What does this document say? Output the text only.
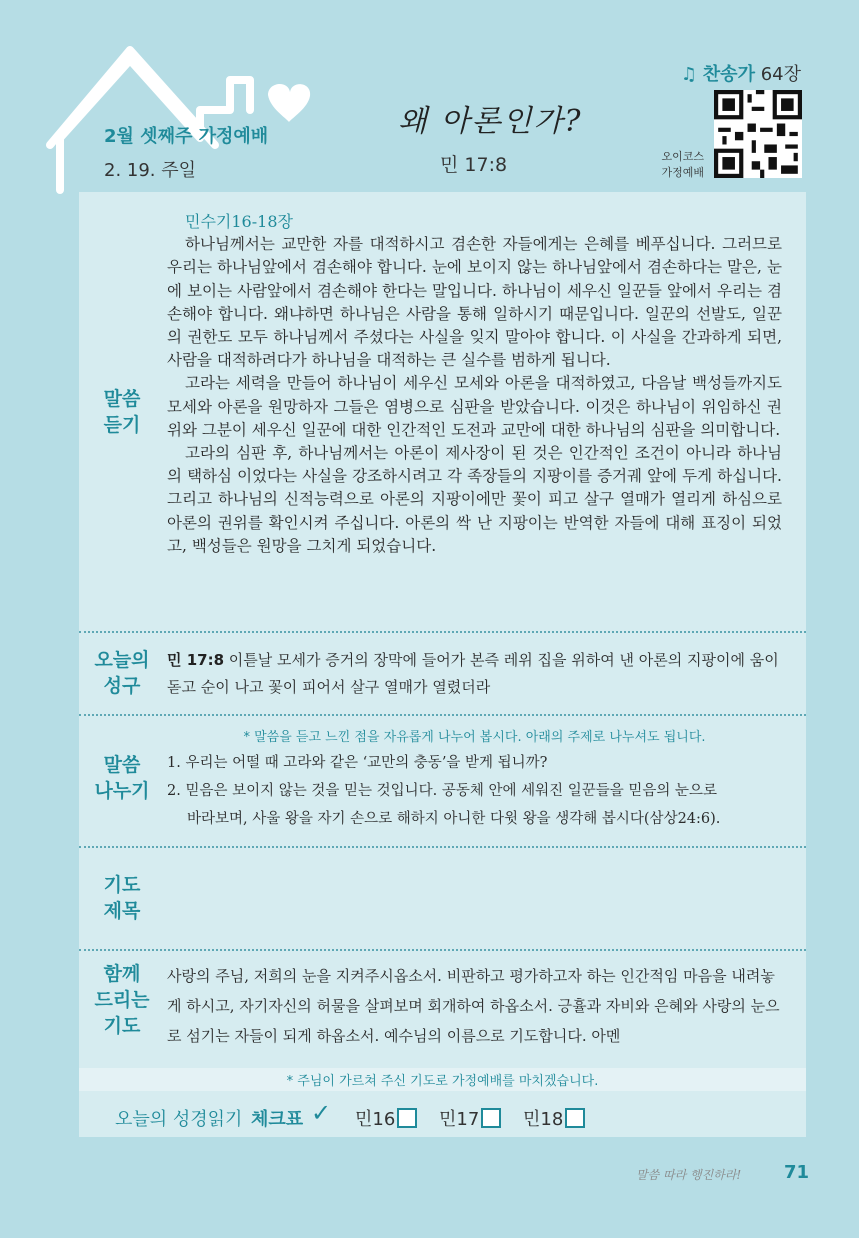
2월 셋째주 가정예배
2. 19. 주일
왜 아론인가?
민 17:8
♫ 찬송가 64장
오이코스
가정예배
말씀
듣기
민수기16-18장

하나님께서는 교만한 자를 대적하시고 겸손한 자들에게는 은혜를 베푸십니다. 그러므로 우리는 하나님앞에서 겸손해야 합니다. 눈에 보이지 않는 하나님앞에서 겸손하다는 말은, 눈에 보이는 사람앞에서 겸손해야 한다는 말입니다. 하나님이 세우신 일꾼들 앞에서 우리는 겸손해야 합니다. 왜냐하면 하나님은 사람을 통해 일하시기 때문입니다. 일꾼의 선발도, 일꾼의 권한도 모두 하나님께서 주셨다는 사실을 잊지 말아야 합니다. 이 사실을 간과하게 되면, 사람을 대적하려다가 하나님을 대적하는 큰 실수를 범하게 됩니다.

고라는 세력을 만들어 하나님이 세우신 모세와 아론을 대적하였고, 다음날 백성들까지도 모세와 아론을 원망하자 그들은 염병으로 심판을 받았습니다. 이것은 하나님이 위임하신 권위와 그분이 세우신 일꾼에 대한 인간적인 도전과 교만에 대한 하나님의 심판을 의미합니다.

고라의 심판 후, 하나님께서는 아론이 제사장이 된 것은 인간적인 조건이 아니라 하나님의 택하심 이었다는 사실을 강조하시려고 각 족장들의 지팡이를 증거궤 앞에 두게 하십니다. 그리고 하나님의 신적능력으로 아론의 지팡이에만 꽃이 피고 살구 열매가 열리게 하심으로 아론의 권위를 확인시켜 주십니다. 아론의 싹 난 지팡이는 반역한 자들에 대해 표징이 되었고, 백성들은 원망을 그치게 되었습니다.

오늘의
성구
민 17:8 이튿날 모세가 증거의 장막에 들어가 본즉 레위 집을 위하여 낸 아론의 지팡이에 움이 돋고 순이 나고 꽃이 피어서 살구 열매가 열렸더라
말씀
나누기
* 말씀을 듣고 느낀 점을 자유롭게 나누어 봅시다. 아래의 주제로 나누셔도 됩니다.
1. 우리는 어떨 때 고라와 같은 ‘교만의 충동’을 받게 됩니까?
2. 믿음은 보이지 않는 것을 믿는 것입니다. 공동체 안에 세워진 일꾼들을 믿음의 눈으로
바라보며, 사울 왕을 자기 손으로 해하지 아니한 다윗 왕을 생각해 봅시다(삼상24:6).
기도
제목
함께
드리는
기도
사랑의 주님, 저희의 눈을 지켜주시옵소서. 비판하고 평가하고자 하는 인간적임 마음을 내려놓게 하시고, 자기자신의 허물을 살펴보며 회개하여 하옵소서. 긍휼과 자비와 은혜와 사랑의 눈으로 섬기는 자들이 되게 하옵소서. 예수님의 이름으로 기도합니다. 아멘
* 주님이 가르쳐 주신 기도로 가정예배를 마치겠습니다.
오늘의 성경읽기 체크표 ✓ 민16	민17	민18
말씀 따라 행진하라! 71
